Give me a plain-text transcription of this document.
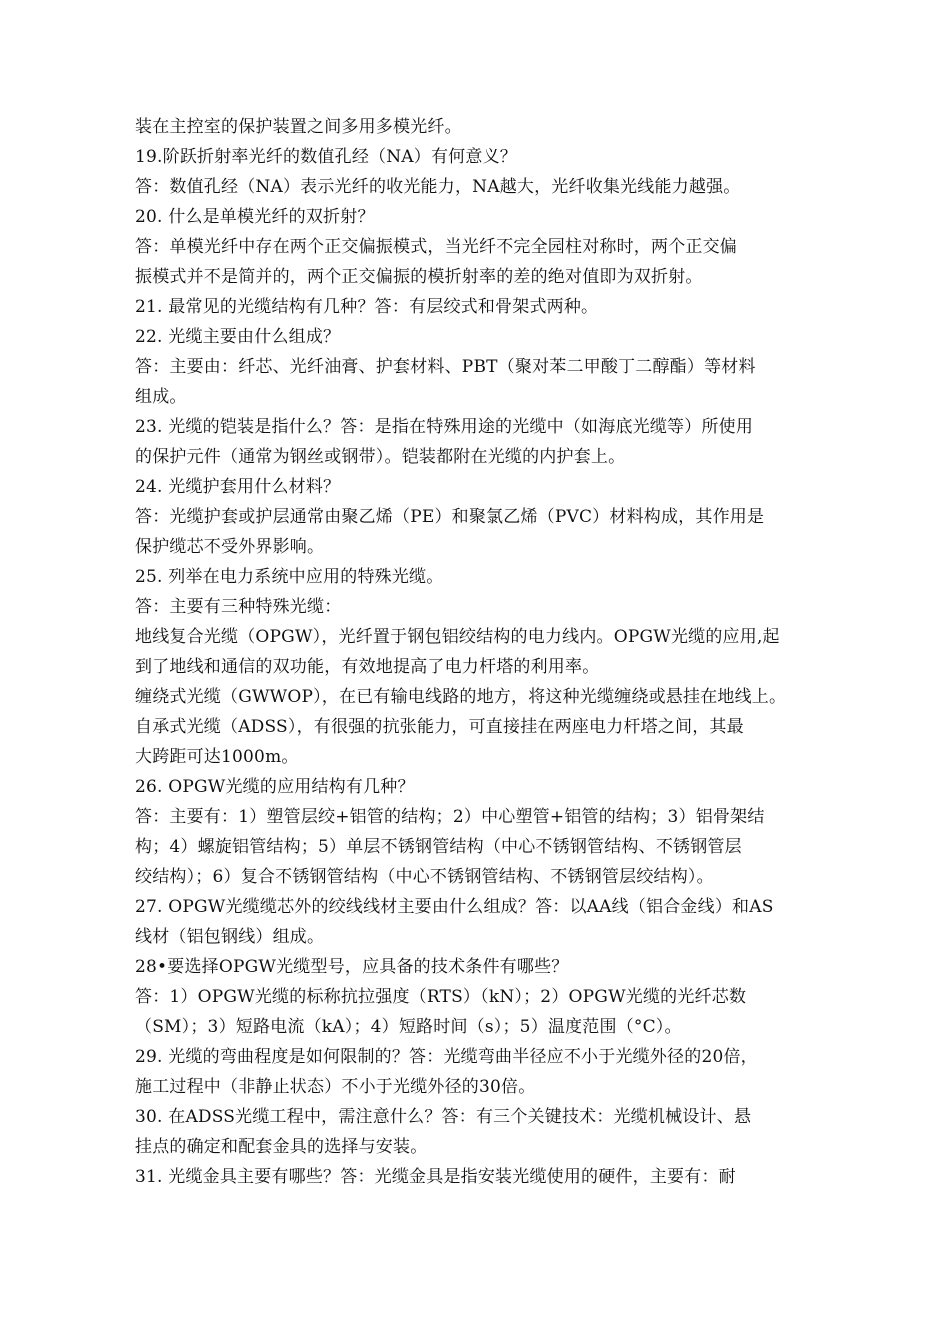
装在主控室的保护装置之间多用多模光纤。
19.阶跃折射率光纤的数值孔经（NA）有何意义？
答：数值孔经（NA）表示光纤的收光能力，NA越大，光纤收集光线能力越强。
20. 什么是单模光纤的双折射？
答：单模光纤中存在两个正交偏振模式，当光纤不完全园柱对称时，两个正交偏
振模式并不是简并的，两个正交偏振的模折射率的差的绝对值即为双折射。
21. 最常见的光缆结构有几种？答：有层绞式和骨架式两种。
22. 光缆主要由什么组成？
答：主要由：纤芯、光纤油膏、护套材料、PBT（聚对苯二甲酸丁二醇酯）等材料
组成。
23. 光缆的铠装是指什么？答：是指在特殊用途的光缆中（如海底光缆等）所使用
的保护元件（通常为钢丝或钢带）。铠装都附在光缆的内护套上。
24. 光缆护套用什么材料？
答：光缆护套或护层通常由聚乙烯（PE）和聚氯乙烯（PVC）材料构成，其作用是
保护缆芯不受外界影响。
25. 列举在电力系统中应用的特殊光缆。
答：主要有三种特殊光缆：
地线复合光缆（OPGW），光纤置于钢包铝绞结构的电力线内。OPGW光缆的应用,起
到了地线和通信的双功能，有效地提高了电力杆塔的利用率。
缠绕式光缆（GWWOP），在已有输电线路的地方，将这种光缆缠绕或悬挂在地线上。
自承式光缆（ADSS），有很强的抗张能力，可直接挂在两座电力杆塔之间，其最
大跨距可达1000m。
26. OPGW光缆的应用结构有几种？
答：主要有：1）塑管层绞+铝管的结构；2）中心塑管+铝管的结构；3）铝骨架结
构；4）螺旋铝管结构；5）单层不锈钢管结构（中心不锈钢管结构、不锈钢管层
绞结构）；6）复合不锈钢管结构（中心不锈钢管结构、不锈钢管层绞结构）。
27. OPGW光缆缆芯外的绞线线材主要由什么组成？答：以AA线（铝合金线）和AS
线材（铝包钢线）组成。
28•要选择OPGW光缆型号，应具备的技术条件有哪些？
答：1）OPGW光缆的标称抗拉强度（RTS）（kN）；2）OPGW光缆的光纤芯数
（SM）；3）短路电流（kA）；4）短路时间（s）；5）温度范围（°C）。
29. 光缆的弯曲程度是如何限制的？答：光缆弯曲半径应不小于光缆外径的20倍，
施工过程中（非静止状态）不小于光缆外径的30倍。
30. 在ADSS光缆工程中，需注意什么？答：有三个关键技术：光缆机械设计、悬
挂点的确定和配套金具的选择与安装。
31. 光缆金具主要有哪些？答：光缆金具是指安装光缆使用的硬件，主要有：耐
